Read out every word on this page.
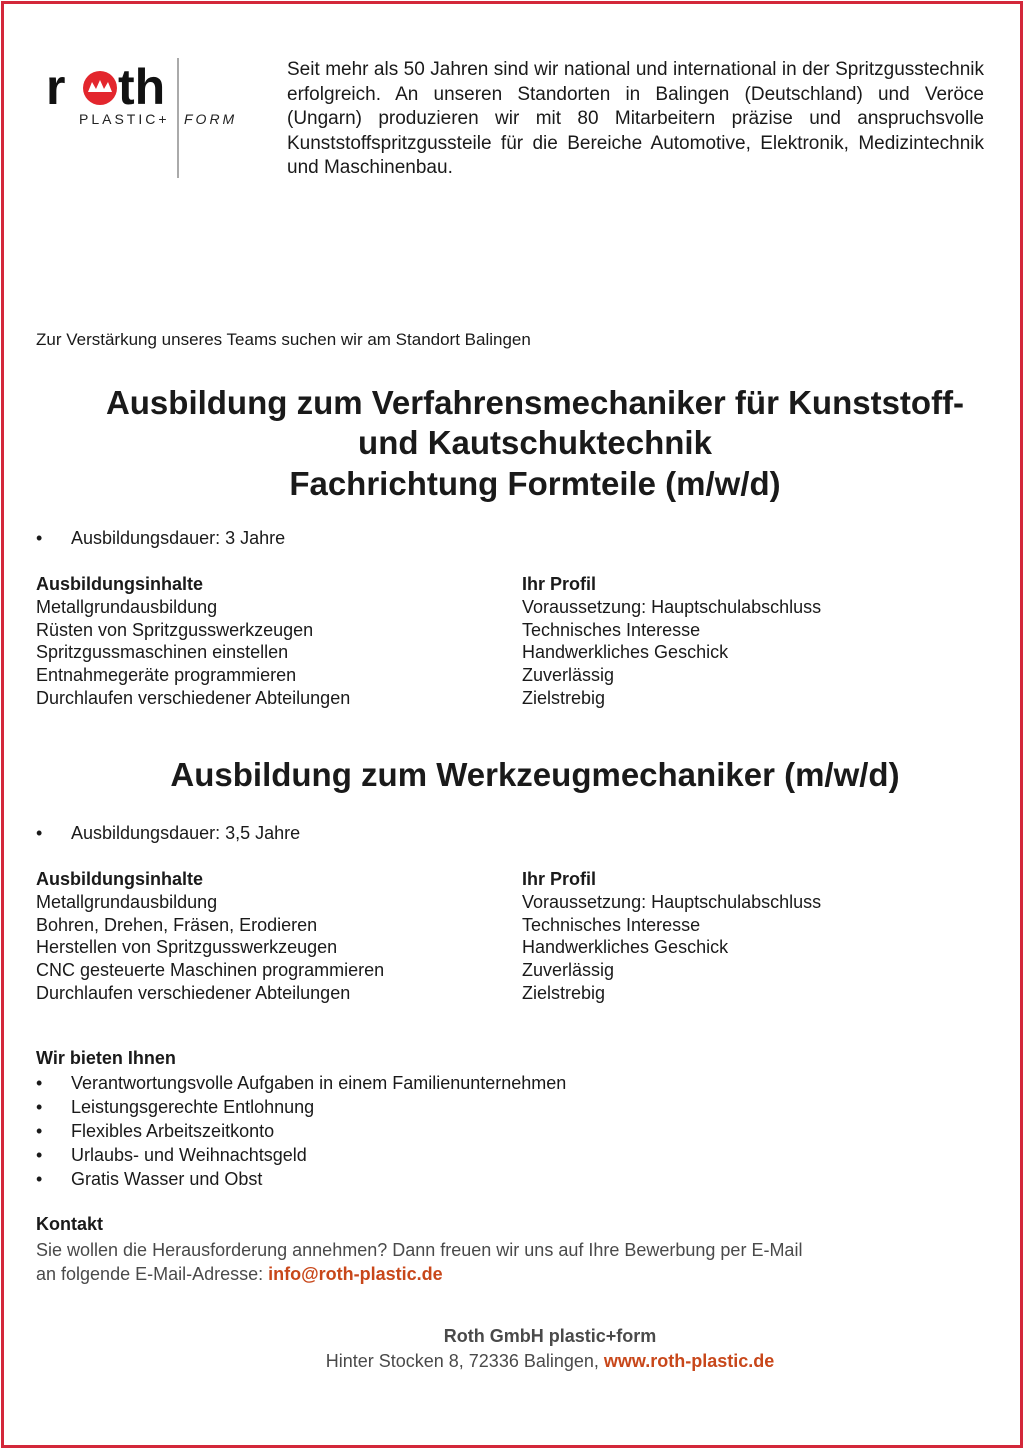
r th
PLASTIC+ FORM
Seit mehr als 50 Jahren sind wir national und international in der Spritzgusstechnik erfolgreich. An unseren Standorten in Balingen (Deutschland) und Veröce (Ungarn) produzieren wir mit 80 Mitarbeitern präzise und anspruchsvolle Kunststoffspritzgussteile für die Bereiche Automotive, Elektronik, Medizintechnik und Maschinenbau.
Zur Verstärkung unseres Teams suchen wir am Standort Balingen
Ausbildung zum Verfahrensmechaniker für Kunststoff-
und Kautschuktechnik
Fachrichtung Formteile (m/w/d)
• Ausbildungsdauer: 3 Jahre
Ausbildungsinhalte
Metallgrundausbildung
Rüsten von Spritzgusswerkzeugen
Spritzgussmaschinen einstellen
Entnahmegeräte programmieren
Durchlaufen verschiedener Abteilungen
Ihr Profil
Voraussetzung: Hauptschulabschluss
Technisches Interesse
Handwerkliches Geschick
Zuverlässig
Zielstrebig
Ausbildung zum Werkzeugmechaniker (m/w/d)
• Ausbildungsdauer: 3,5 Jahre
Ausbildungsinhalte
Metallgrundausbildung
Bohren, Drehen, Fräsen, Erodieren
Herstellen von Spritzgusswerkzeugen
CNC gesteuerte Maschinen programmieren
Durchlaufen verschiedener Abteilungen
Ihr Profil
Voraussetzung: Hauptschulabschluss
Technisches Interesse
Handwerkliches Geschick
Zuverlässig
Zielstrebig
Wir bieten Ihnen
• Verantwortungsvolle Aufgaben in einem Familienunternehmen
• Leistungsgerechte Entlohnung
• Flexibles Arbeitszeitkonto
• Urlaubs- und Weihnachtsgeld
• Gratis Wasser und Obst
Kontakt
Sie wollen die Herausforderung annehmen? Dann freuen wir uns auf Ihre Bewerbung per E-Mail
an folgende E-Mail-Adresse: info@roth-plastic.de
Roth GmbH plastic+form
Hinter Stocken 8, 72336 Balingen, www.roth-plastic.de
